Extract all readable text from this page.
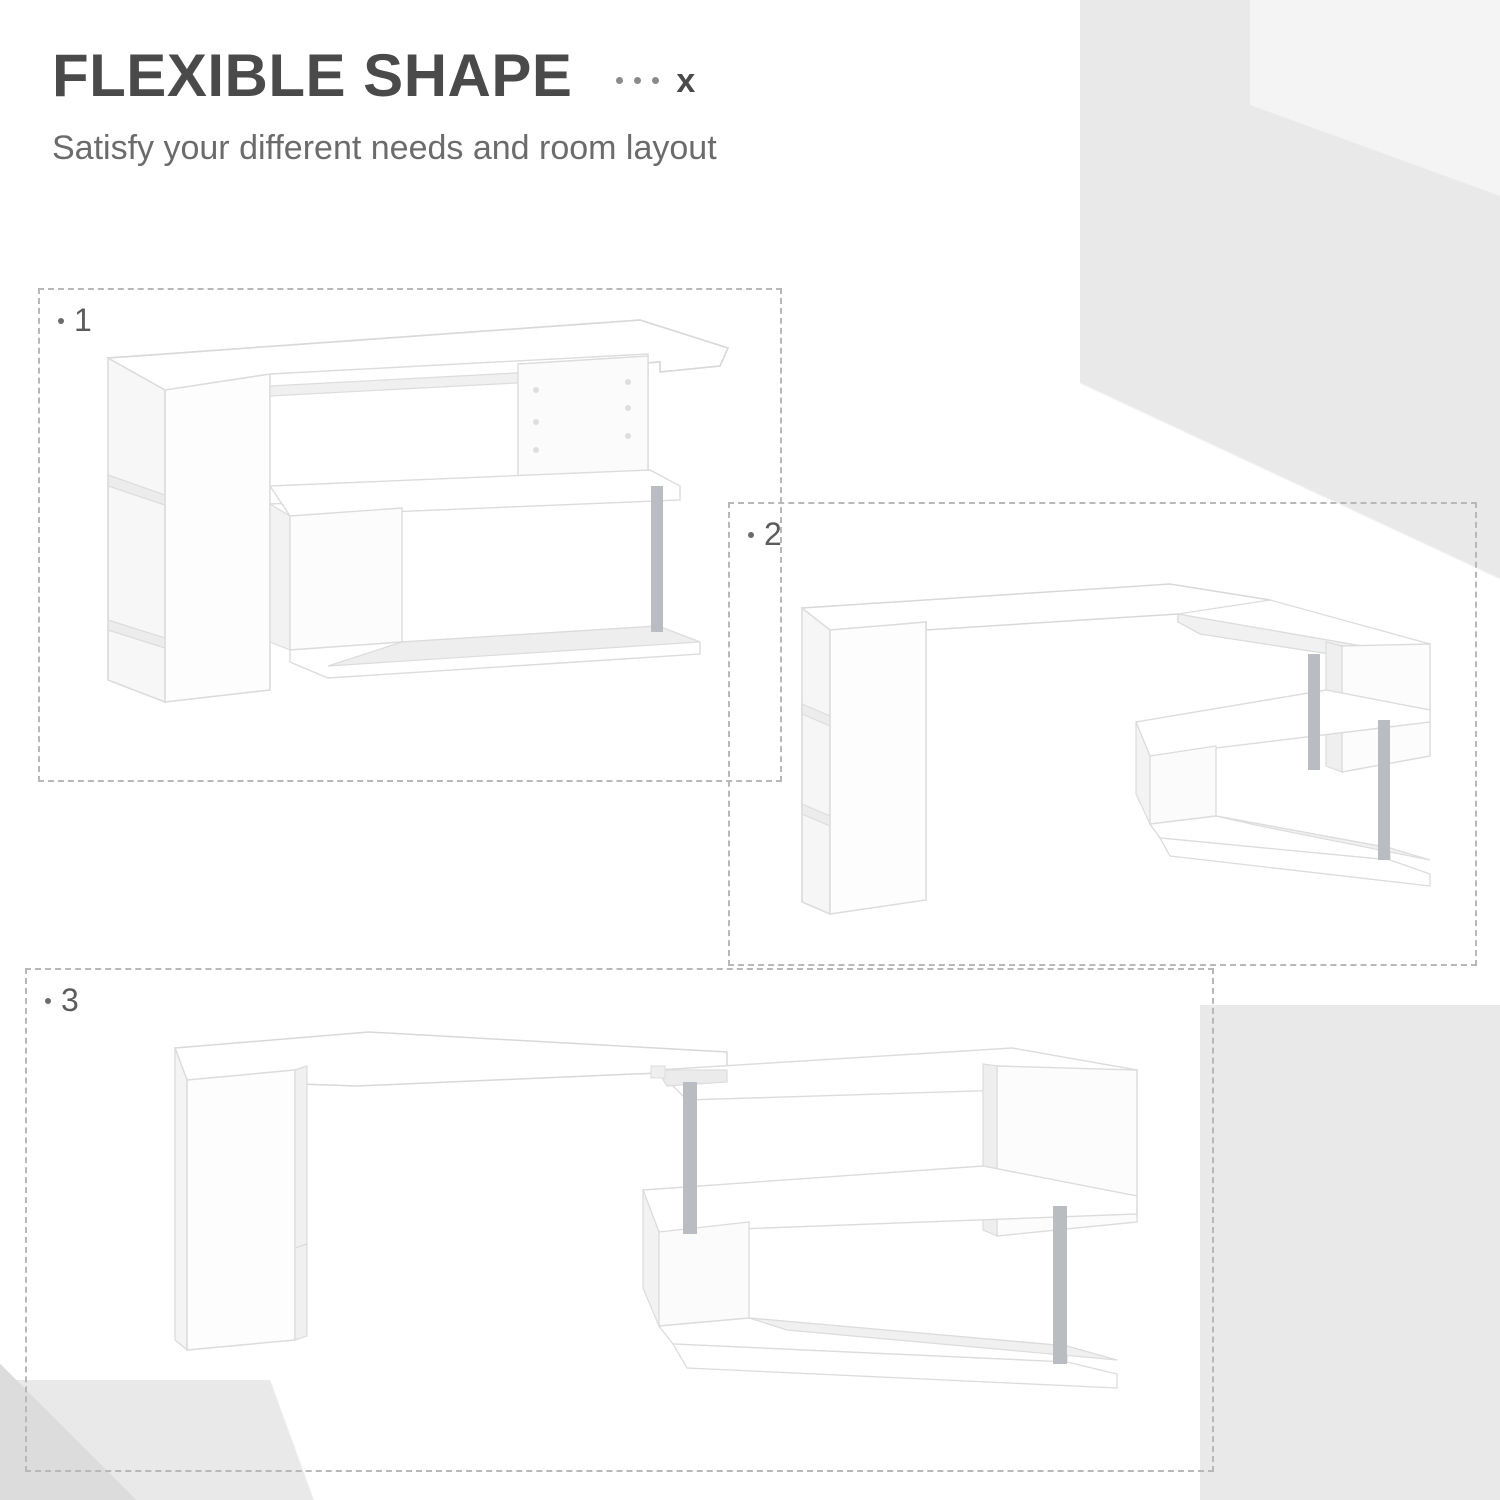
FLEXIBLE SHAPE	x
Satisfy your different needs and room layout
1
2
3
